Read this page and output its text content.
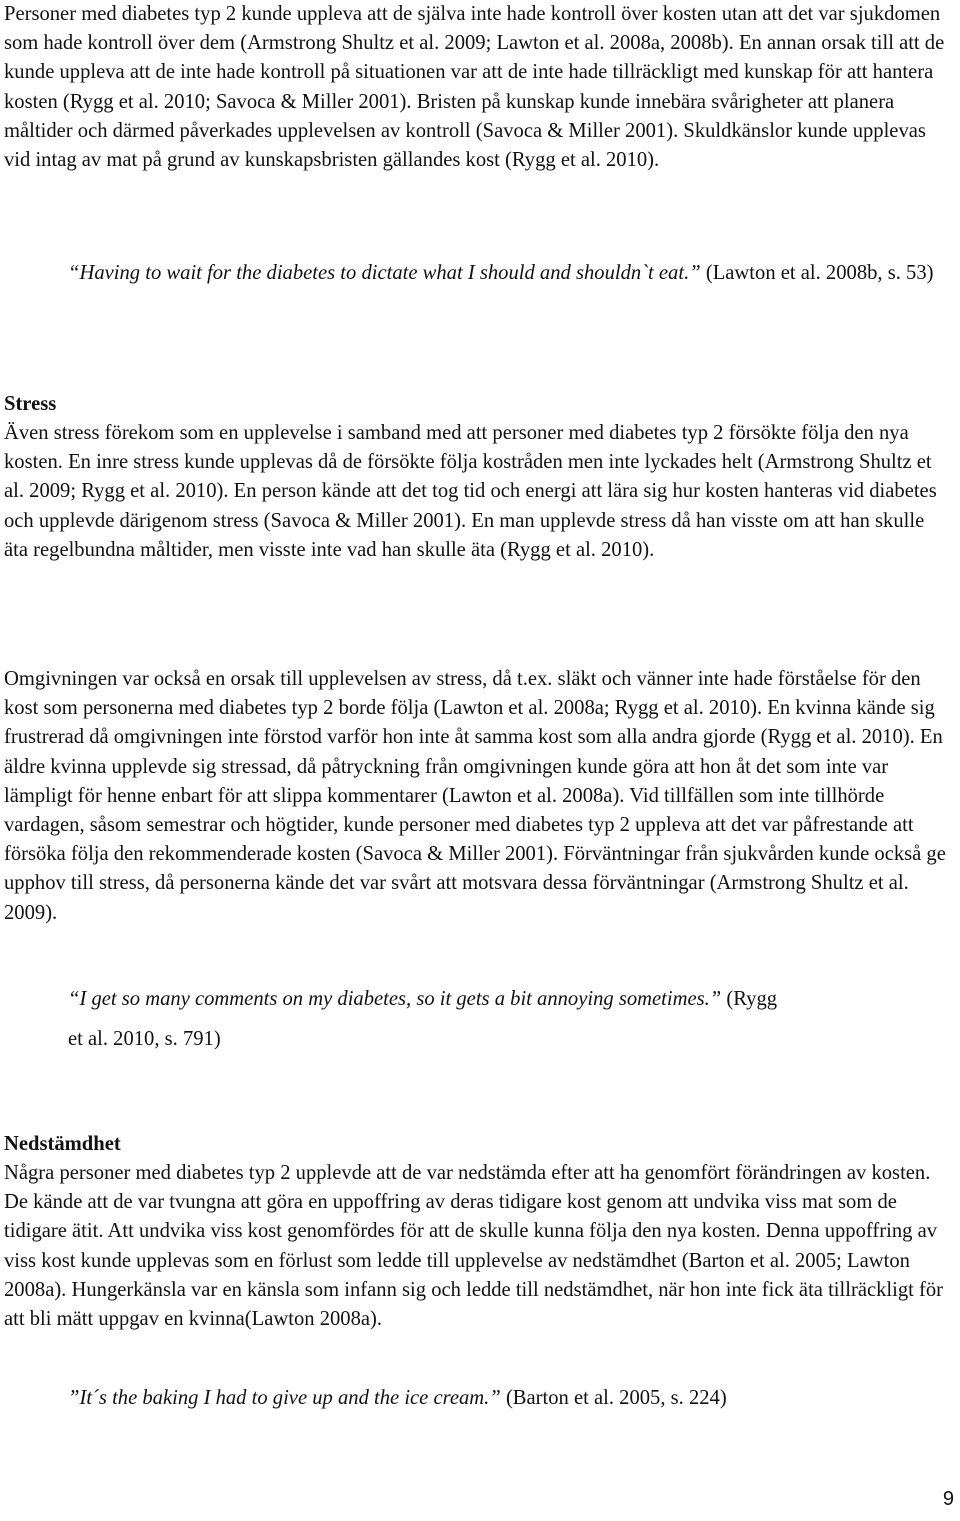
Personer med diabetes typ 2 kunde uppleva att de själva inte hade kontroll över kosten utan att det var sjukdomen som hade kontroll över dem (Armstrong Shultz et al. 2009; Lawton et al. 2008a, 2008b). En annan orsak till att de kunde uppleva att de inte hade kontroll på situationen var att de inte hade tillräckligt med kunskap för att hantera kosten (Rygg et al. 2010; Savoca & Miller 2001). Bristen på kunskap kunde innebära svårigheter att planera måltider och därmed påverkades upplevelsen av kontroll (Savoca & Miller 2001). Skuldkänslor kunde upplevas vid intag av mat på grund av kunskapsbristen gällandes kost (Rygg et al. 2010).

“Having to wait for the diabetes to dictate what I should and shouldn`t eat.” (Lawton et al. 2008b, s. 53)

Stress

Även stress förekom som en upplevelse i samband med att personer med diabetes typ 2 försökte följa den nya kosten. En inre stress kunde upplevas då de försökte följa kostråden men inte lyckades helt (Armstrong Shultz et al. 2009; Rygg et al. 2010). En person kände att det tog tid och energi att lära sig hur kosten hanteras vid diabetes och upplevde därigenom stress (Savoca & Miller 2001). En man upplevde stress då han visste om att han skulle äta regelbundna måltider, men visste inte vad han skulle äta (Rygg et al. 2010).

Omgivningen var också en orsak till upplevelsen av stress, då t.ex. släkt och vänner inte hade förståelse för den kost som personerna med diabetes typ 2 borde följa (Lawton et al. 2008a; Rygg et al. 2010). En kvinna kände sig frustrerad då omgivningen inte förstod varför hon inte åt samma kost som alla andra gjorde (Rygg et al. 2010). En äldre kvinna upplevde sig stressad, då påtryckning från omgivningen kunde göra att hon åt det som inte var lämpligt för henne enbart för att slippa kommentarer (Lawton et al. 2008a). Vid tillfällen som inte tillhörde vardagen, såsom semestrar och högtider, kunde personer med diabetes typ 2 uppleva att det var påfrestande att försöka följa den rekommenderade kosten (Savoca & Miller 2001). Förväntningar från sjukvården kunde också ge upphov till stress, då personerna kände det var svårt att motsvara dessa förväntningar (Armstrong Shultz et al. 2009).

“I get so many comments on my diabetes, so it gets a bit annoying sometimes.” (Rygg
et al. 2010, s. 791)

Nedstämdhet

Några personer med diabetes typ 2 upplevde att de var nedstämda efter att ha genomfört förändringen av kosten. De kände att de var tvungna att göra en uppoffring av deras tidigare kost genom att undvika viss mat som de tidigare ätit. Att undvika viss kost genomfördes för att de skulle kunna följa den nya kosten. Denna uppoffring av viss kost kunde upplevas som en förlust som ledde till upplevelse av nedstämdhet (Barton et al. 2005; Lawton 2008a). Hungerkänsla var en känsla som infann sig och ledde till nedstämdhet, när hon inte fick äta tillräckligt för att bli mätt uppgav en kvinna(Lawton 2008a).

”It´s the baking I had to give up and the ice cream.” (Barton et al. 2005, s. 224)

9
